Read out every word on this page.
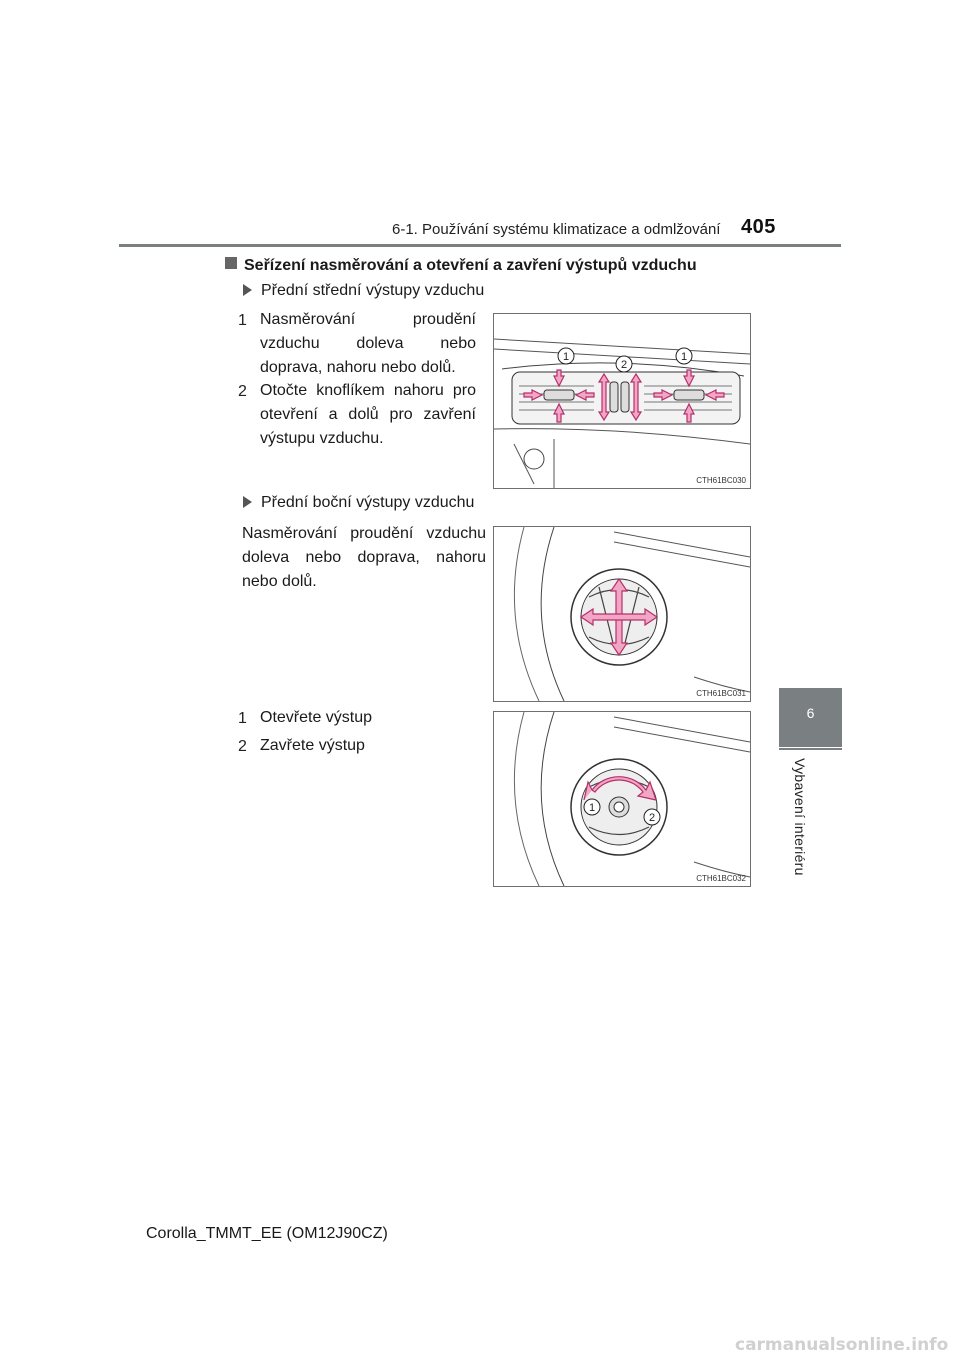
6-1. Používání systému klimatizace a odmlžování 405
6
Vybavení interiéru
Seřízení nasměrování a otevření a zavření výstupů vzduchu
Přední střední výstupy vzduchu
1 Nasměrování proudění vzduchu doleva nebo doprava, nahoru nebo dolů.
2 Otočte knoflíkem nahoru pro otevření a dolů pro zavření výstupu vzduchu.
1
2
1
CTH61BC030
Přední boční výstupy vzduchu
Nasměrování proudění vzduchu doleva nebo doprava, nahoru nebo dolů.
CTH61BC031
1 Otevřete výstup
2 Zavřete výstup
1
2
CTH61BC032
Corolla_TMMT_EE (OM12J90CZ)
carmanualsonline.info
